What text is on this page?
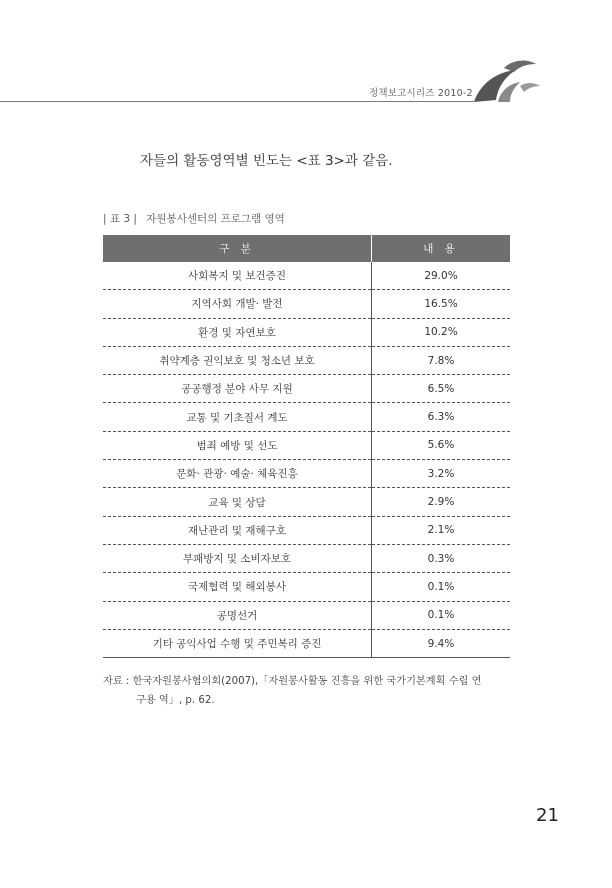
정책보고시리즈 2010-2
자들의 활동영역별 빈도는 <표 3>과 같음.
| 표 3 | 자원봉사센터의 프로그램 영역
구 분	내 용
사회복지 및 보건증진	29.0%
지역사회 개발‧ 발전	16.5%
환경 및 자연보호	10.2%
취약계층 권익보호 및 청소년 보호	7.8%
공공행정 분야 사무 지원	6.5%
교통 및 기초질서 계도	6.3%
범죄 예방 및 선도	5.6%
문화‧ 관광‧ 예술‧ 체육진흥	3.2%
교육 및 상담	2.9%
재난관리 및 재해구호	2.1%
부패방지 및 소비자보호	0.3%
국제협력 및 해외봉사	0.1%
공명선거	0.1%
기타 공익사업 수행 및 주민복리 증진	9.4%
자료 : 한국자원봉사협의회(2007),「자원봉사활동 진흥을 위한 국가기본계획 수립 연
구용 역」, p. 62.
21
